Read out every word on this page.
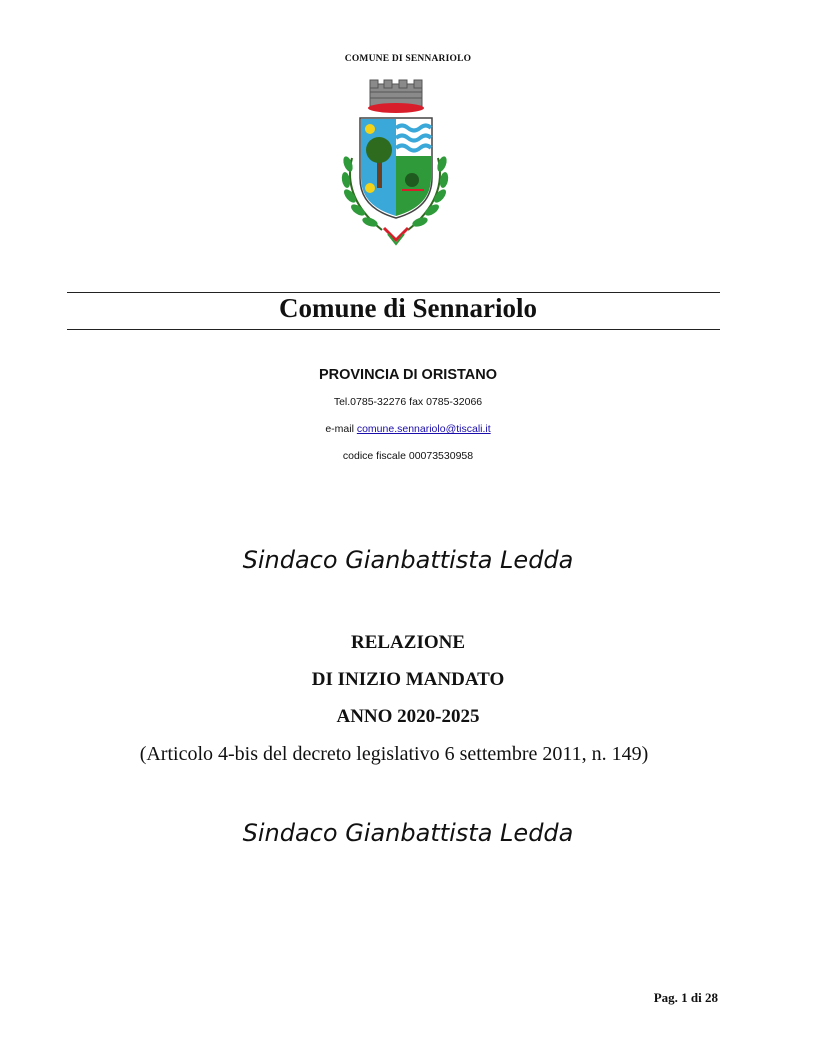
COMUNE DI SENNARIOLO
Comune di Sennariolo
PROVINCIA DI ORISTANO
Tel.0785-32276 fax 0785-32066
e-mail comune.sennariolo@tiscali.it
codice fiscale 00073530958
Sindaco Gianbattista Ledda
RELAZIONE
DI INIZIO MANDATO
ANNO 2020-2025
(Articolo 4-bis del decreto legislativo 6 settembre 2011, n. 149)
Sindaco Gianbattista Ledda
Pag. 1 di 28
